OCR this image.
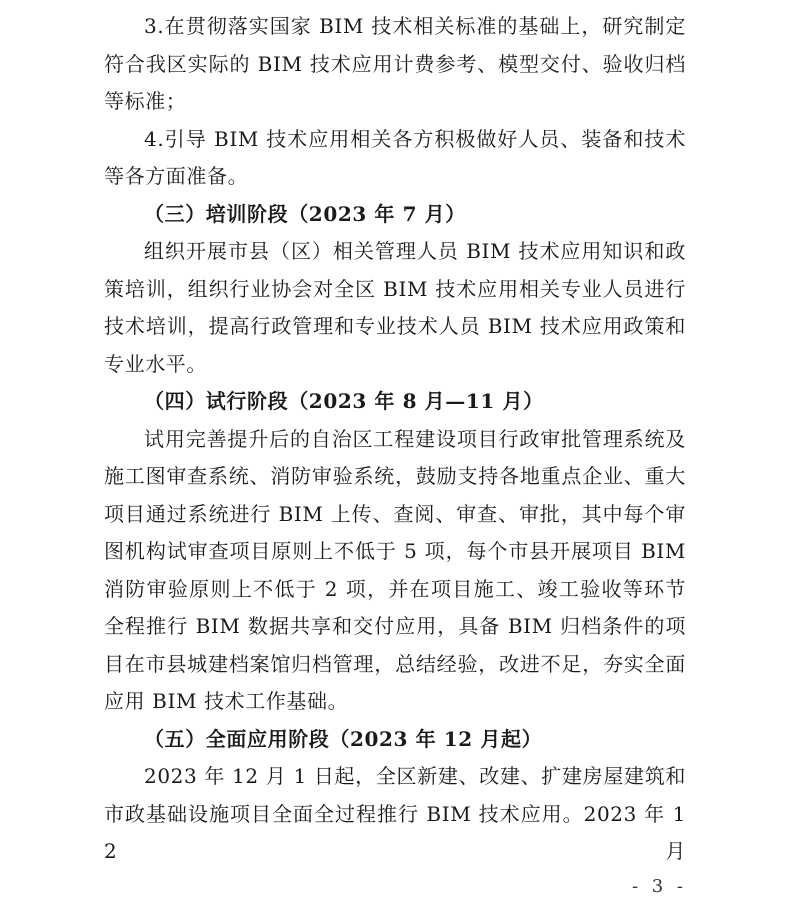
3.在贯彻落实国家 BIM 技术相关标准的基础上，研究制定符合我区实际的 BIM 技术应用计费参考、模型交付、验收归档等标准；

4.引导 BIM 技术应用相关各方积极做好人员、装备和技术等各方面准备。

（三）培训阶段（2023 年 7 月）

组织开展市县（区）相关管理人员 BIM 技术应用知识和政策培训，组织行业协会对全区 BIM 技术应用相关专业人员进行技术培训，提高行政管理和专业技术人员 BIM 技术应用政策和专业水平。

（四）试行阶段（2023 年 8 月—11 月）

试用完善提升后的自治区工程建设项目行政审批管理系统及施工图审查系统、消防审验系统，鼓励支持各地重点企业、重大项目通过系统进行 BIM 上传、查阅、审查、审批，其中每个审图机构试审查项目原则上不低于 5 项，每个市县开展项目 BIM 消防审验原则上不低于 2 项，并在项目施工、竣工验收等环节全程推行 BIM 数据共享和交付应用，具备 BIM 归档条件的项目在市县城建档案馆归档管理，总结经验，改进不足，夯实全面应用 BIM 技术工作基础。

（五）全面应用阶段（2023 年 12 月起）

2023 年 12 月 1 日起，全区新建、改建、扩建房屋建筑和市政基础设施项目全面全过程推行 BIM 技术应用。2023 年 12 月

- 3 -
